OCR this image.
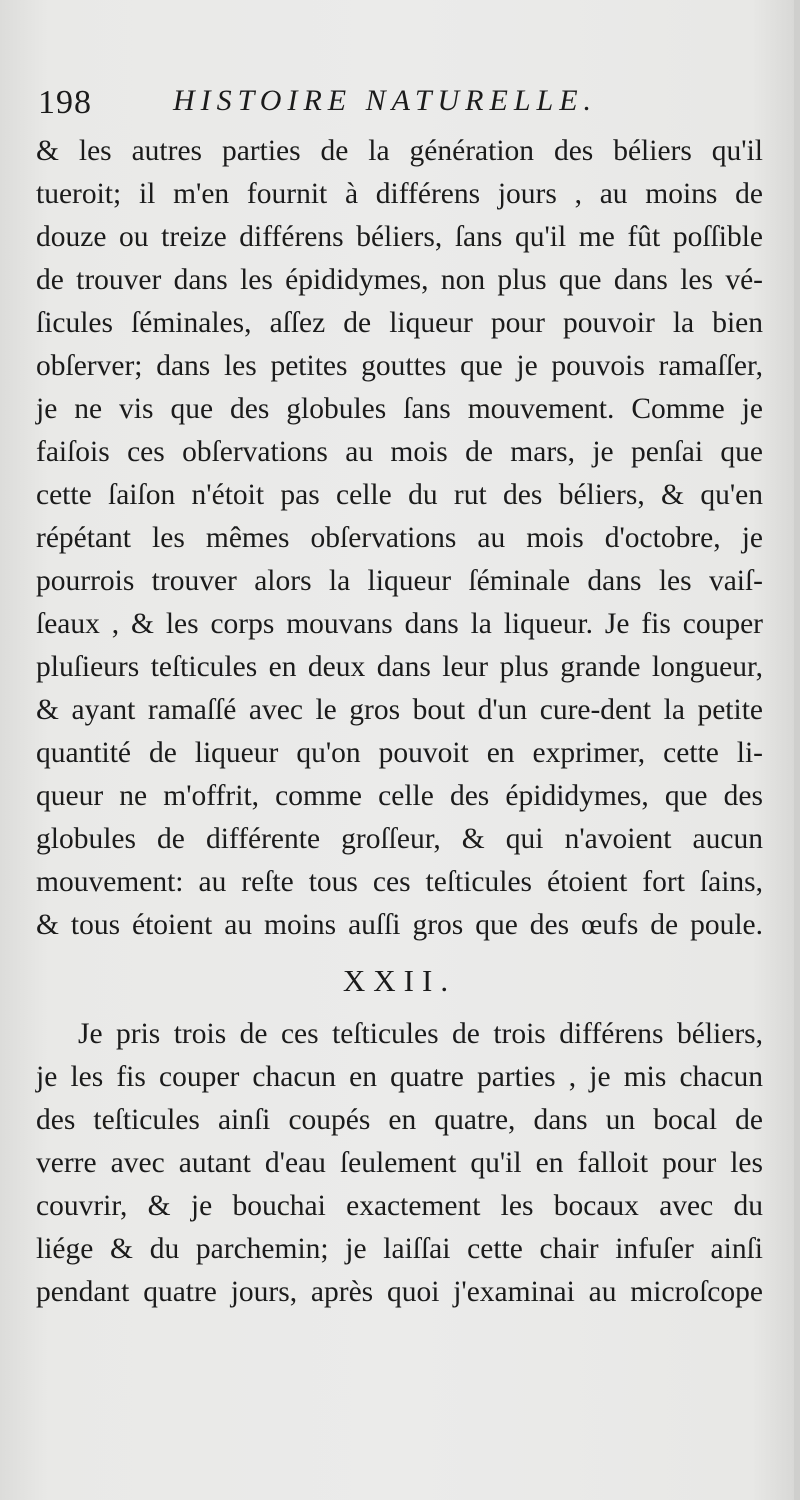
198	HISTOIRE NATURELLE.
& les autres parties de la génération des béliers qu'il
tueroit; il m'en fournit à différens jours , au moins de
douze ou treize différens béliers, ſans qu'il me fût poſſible
de trouver dans les épididymes, non plus que dans les vé-
ſicules ſéminales, aſſez de liqueur pour pouvoir la bien
obſerver; dans les petites gouttes que je pouvois ramaſſer,
je ne vis que des globules ſans mouvement. Comme je
faiſois ces obſervations au mois de mars, je penſai que
cette ſaiſon n'étoit pas celle du rut des béliers, & qu'en
répétant les mêmes obſervations au mois d'octobre, je
pourrois trouver alors la liqueur ſéminale dans les vaiſ-
ſeaux , & les corps mouvans dans la liqueur. Je fis couper
pluſieurs teſticules en deux dans leur plus grande longueur,
& ayant ramaſſé avec le gros bout d'un cure-dent la petite
quantité de liqueur qu'on pouvoit en exprimer, cette li-
queur ne m'offrit, comme celle des épididymes, que des
globules de différente groſſeur, & qui n'avoient aucun
mouvement: au reſte tous ces teſticules étoient fort ſains,
& tous étoient au moins auſſi gros que des œufs de poule.
XXII.
Je pris trois de ces teſticules de trois différens béliers,
je les fis couper chacun en quatre parties , je mis chacun
des teſticules ainſi coupés en quatre, dans un bocal de
verre avec autant d'eau ſeulement qu'il en falloit pour les
couvrir, & je bouchai exactement les bocaux avec du
liége & du parchemin; je laiſſai cette chair infuſer ainſi
pendant quatre jours, après quoi j'examinai au microſcope
